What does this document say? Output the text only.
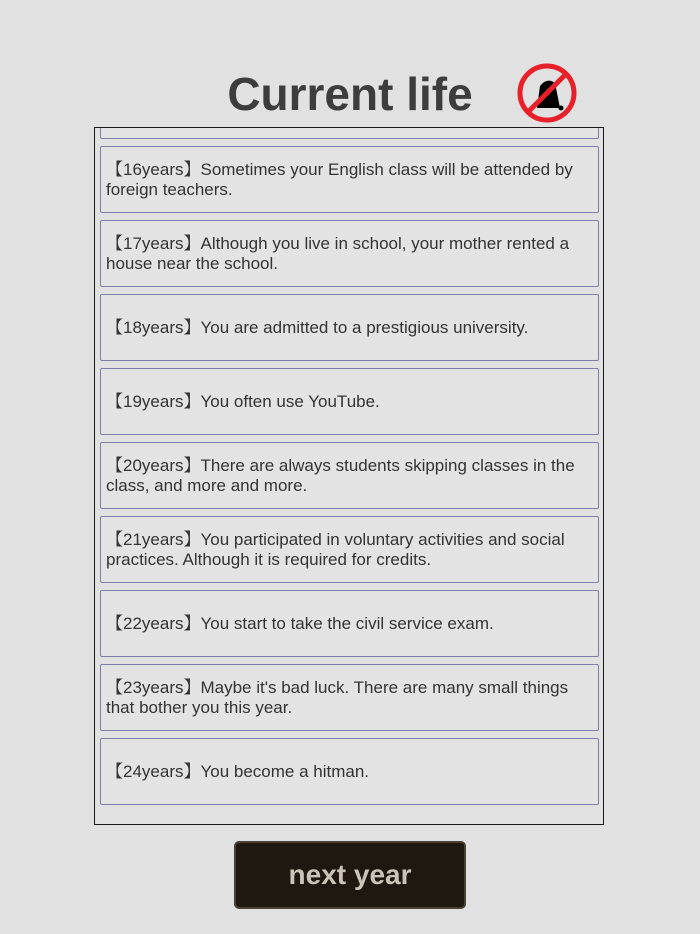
Current life
【16years】Sometimes your English class will be attended by foreign teachers.
【17years】Although you live in school, your mother rented a house near the school.
【18years】You are admitted to a prestigious university.
【19years】You often use YouTube.
【20years】There are always students skipping classes in the class, and more and more.
【21years】You participated in voluntary activities and social practices. Although it is required for credits.
【22years】You start to take the civil service exam.
【23years】Maybe it's bad luck. There are many small things that bother you this year.
【24years】You become a hitman.
next year
